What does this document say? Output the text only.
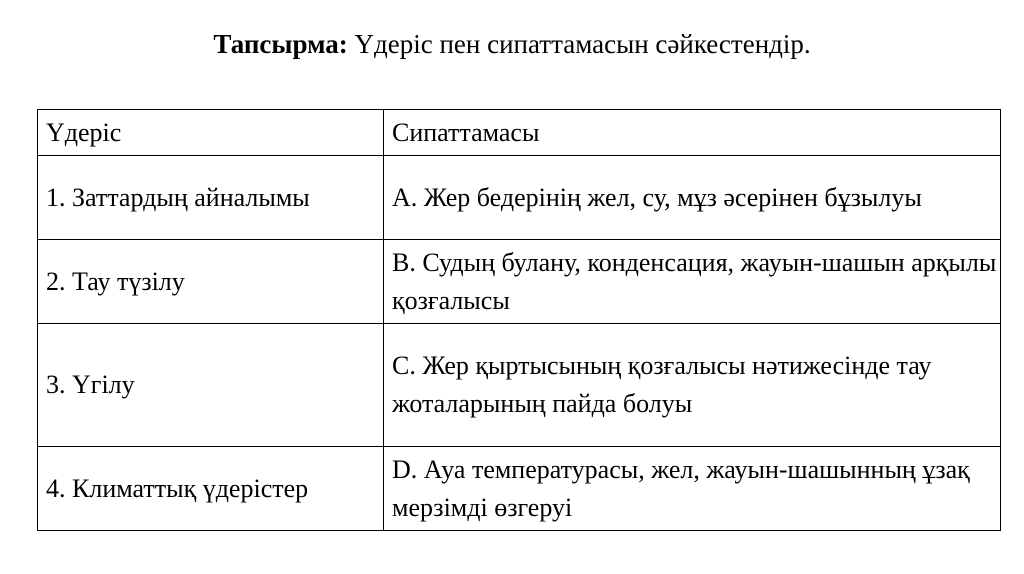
Тапсырма: Үдеріс пен сипаттамасын сәйкестендір.
Үдеріс	Сипаттамасы
1. Заттардың айналымы	А. Жер бедерінің жел, су, мұз әсерінен бұзылуы
2. Тау түзілу	В. Судың булану, конденсация, жауын-шашын арқылы қозғалысы
3. Үгілу	С. Жер қыртысының қозғалысы нәтижесінде тау жоталарының пайда болуы
4. Климаттық үдерістер	D. Ауа температурасы, жел, жауын-шашынның ұзақ мерзімді өзгеруі
